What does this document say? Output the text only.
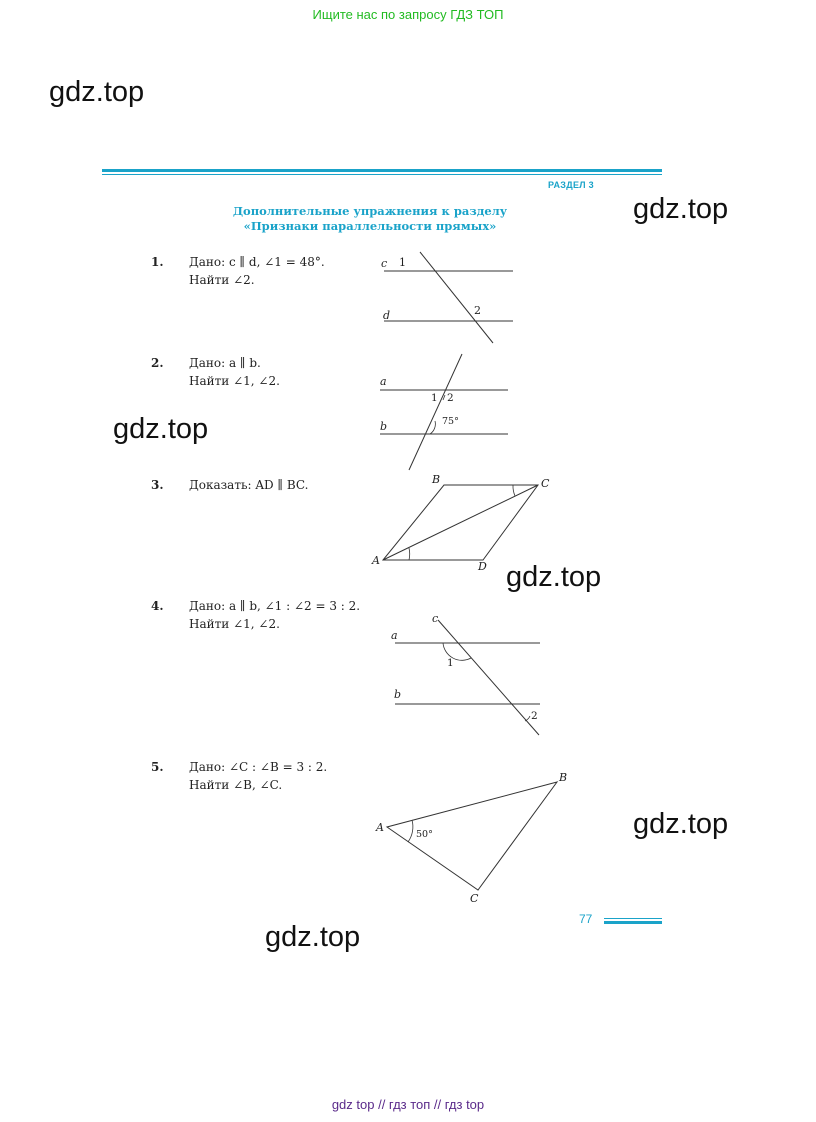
Ищите нас по запросу ГДЗ ТОП
gdz.top
gdz.top
gdz.top
gdz.top
gdz.top
gdz.top
РАЗДЕЛ 3
Дополнительные упражнения к разделу
«Признаки параллельности прямых»
1. Дано: c ∥ d, ∠1 = 48°.
Найти ∠2.
c 1
d	2
2. Дано: a ∥ b.
Найти ∠1, ∠2.	a
1 2
b	75°
3. Доказать: AD ∥ BC.	B	C
A	D
4. Дано: a ∥ b, ∠1 : ∠2 = 3 : 2.
Найти ∠1, ∠2.	c
a
1
b
2
5. Дано: ∠C : ∠B = 3 : 2.
Найти ∠B, ∠C.
B
A
50°
C
77
gdz top // гдз топ // гдз top
